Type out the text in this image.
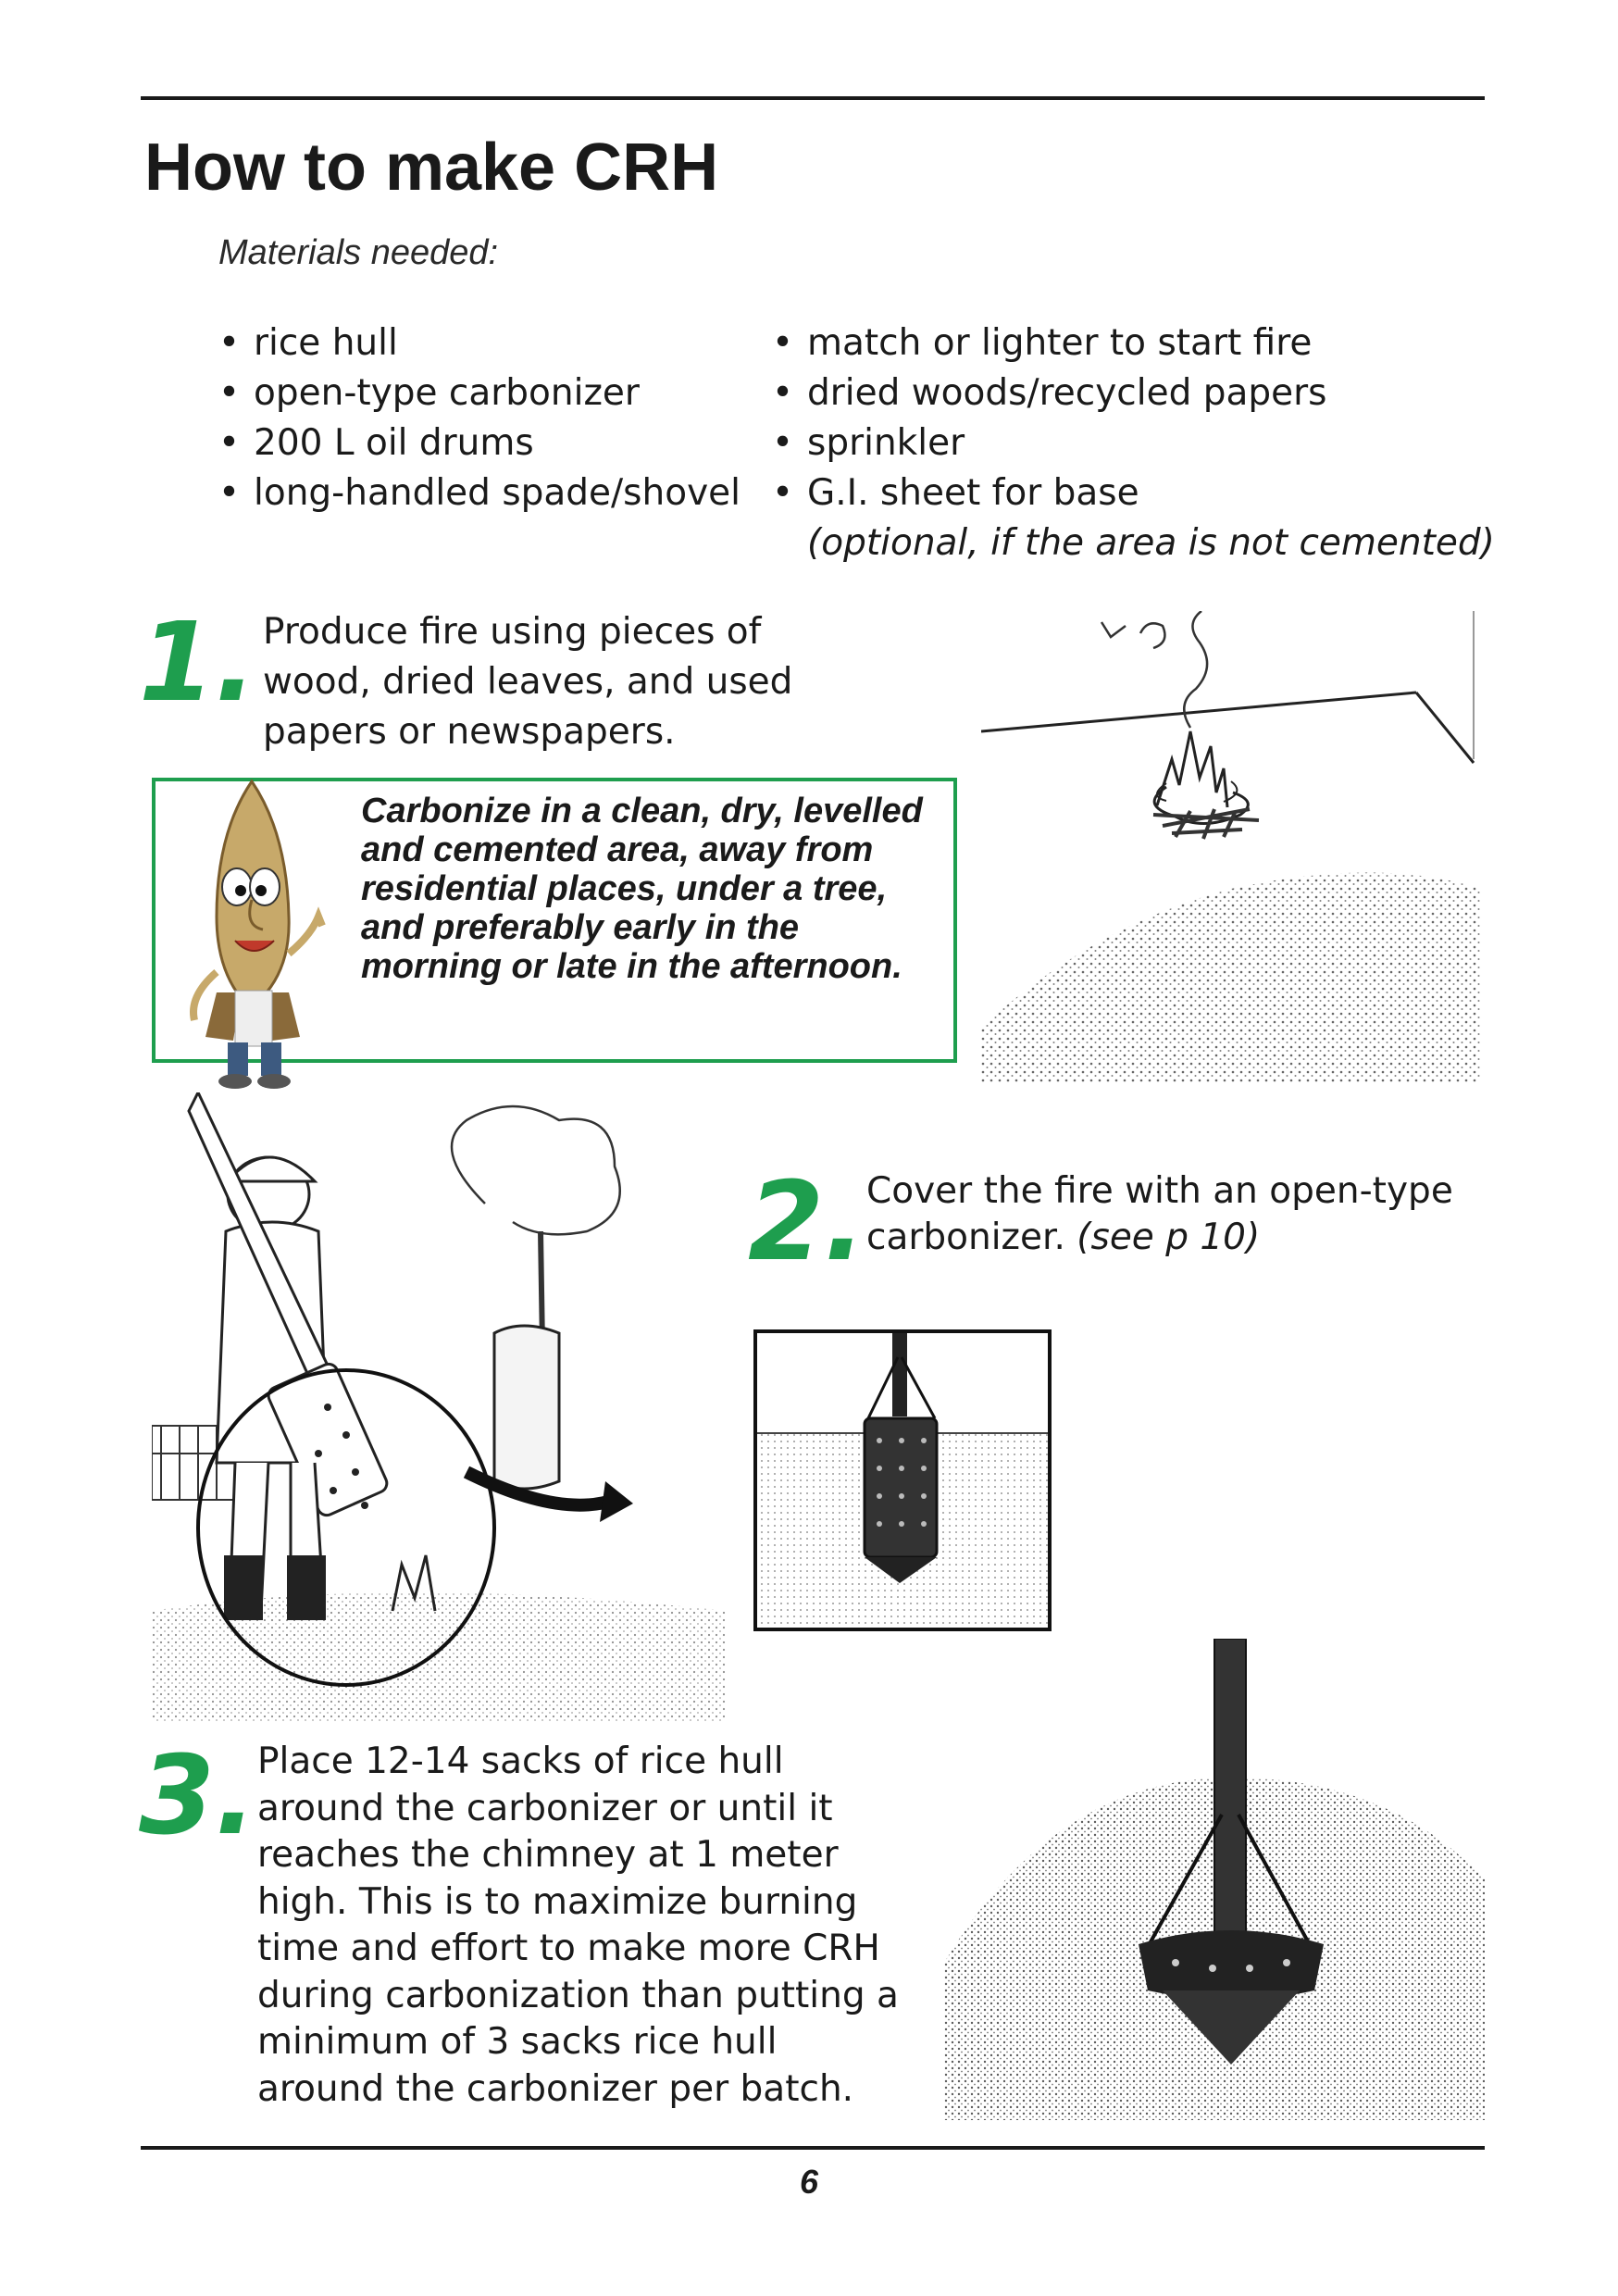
How to make CRH
Materials needed:
• rice hull
• open-type carbonizer
• 200 L oil drums
• long-handled spade/shovel
• match or lighter to start fire
• dried woods/recycled papers
• sprinkler
• G.I. sheet for base
(optional, if the area is not cemented)
1. Produce fire using pieces of wood, dried leaves, and used papers or newspapers.
Carbonize in a clean, dry, levelled and cemented area, away from residential places, under a tree, and preferably early in the morning or late in the afternoon.
2. Cover the fire with an open-type carbonizer. (see p 10)
3. Place 12-14 sacks of rice hull around the carbonizer or until it reaches the chimney at 1 meter high. This is to maximize burning time and effort to make more CRH during carbonization than putting a minimum of 3 sacks rice hull around the carbonizer per batch.
6
